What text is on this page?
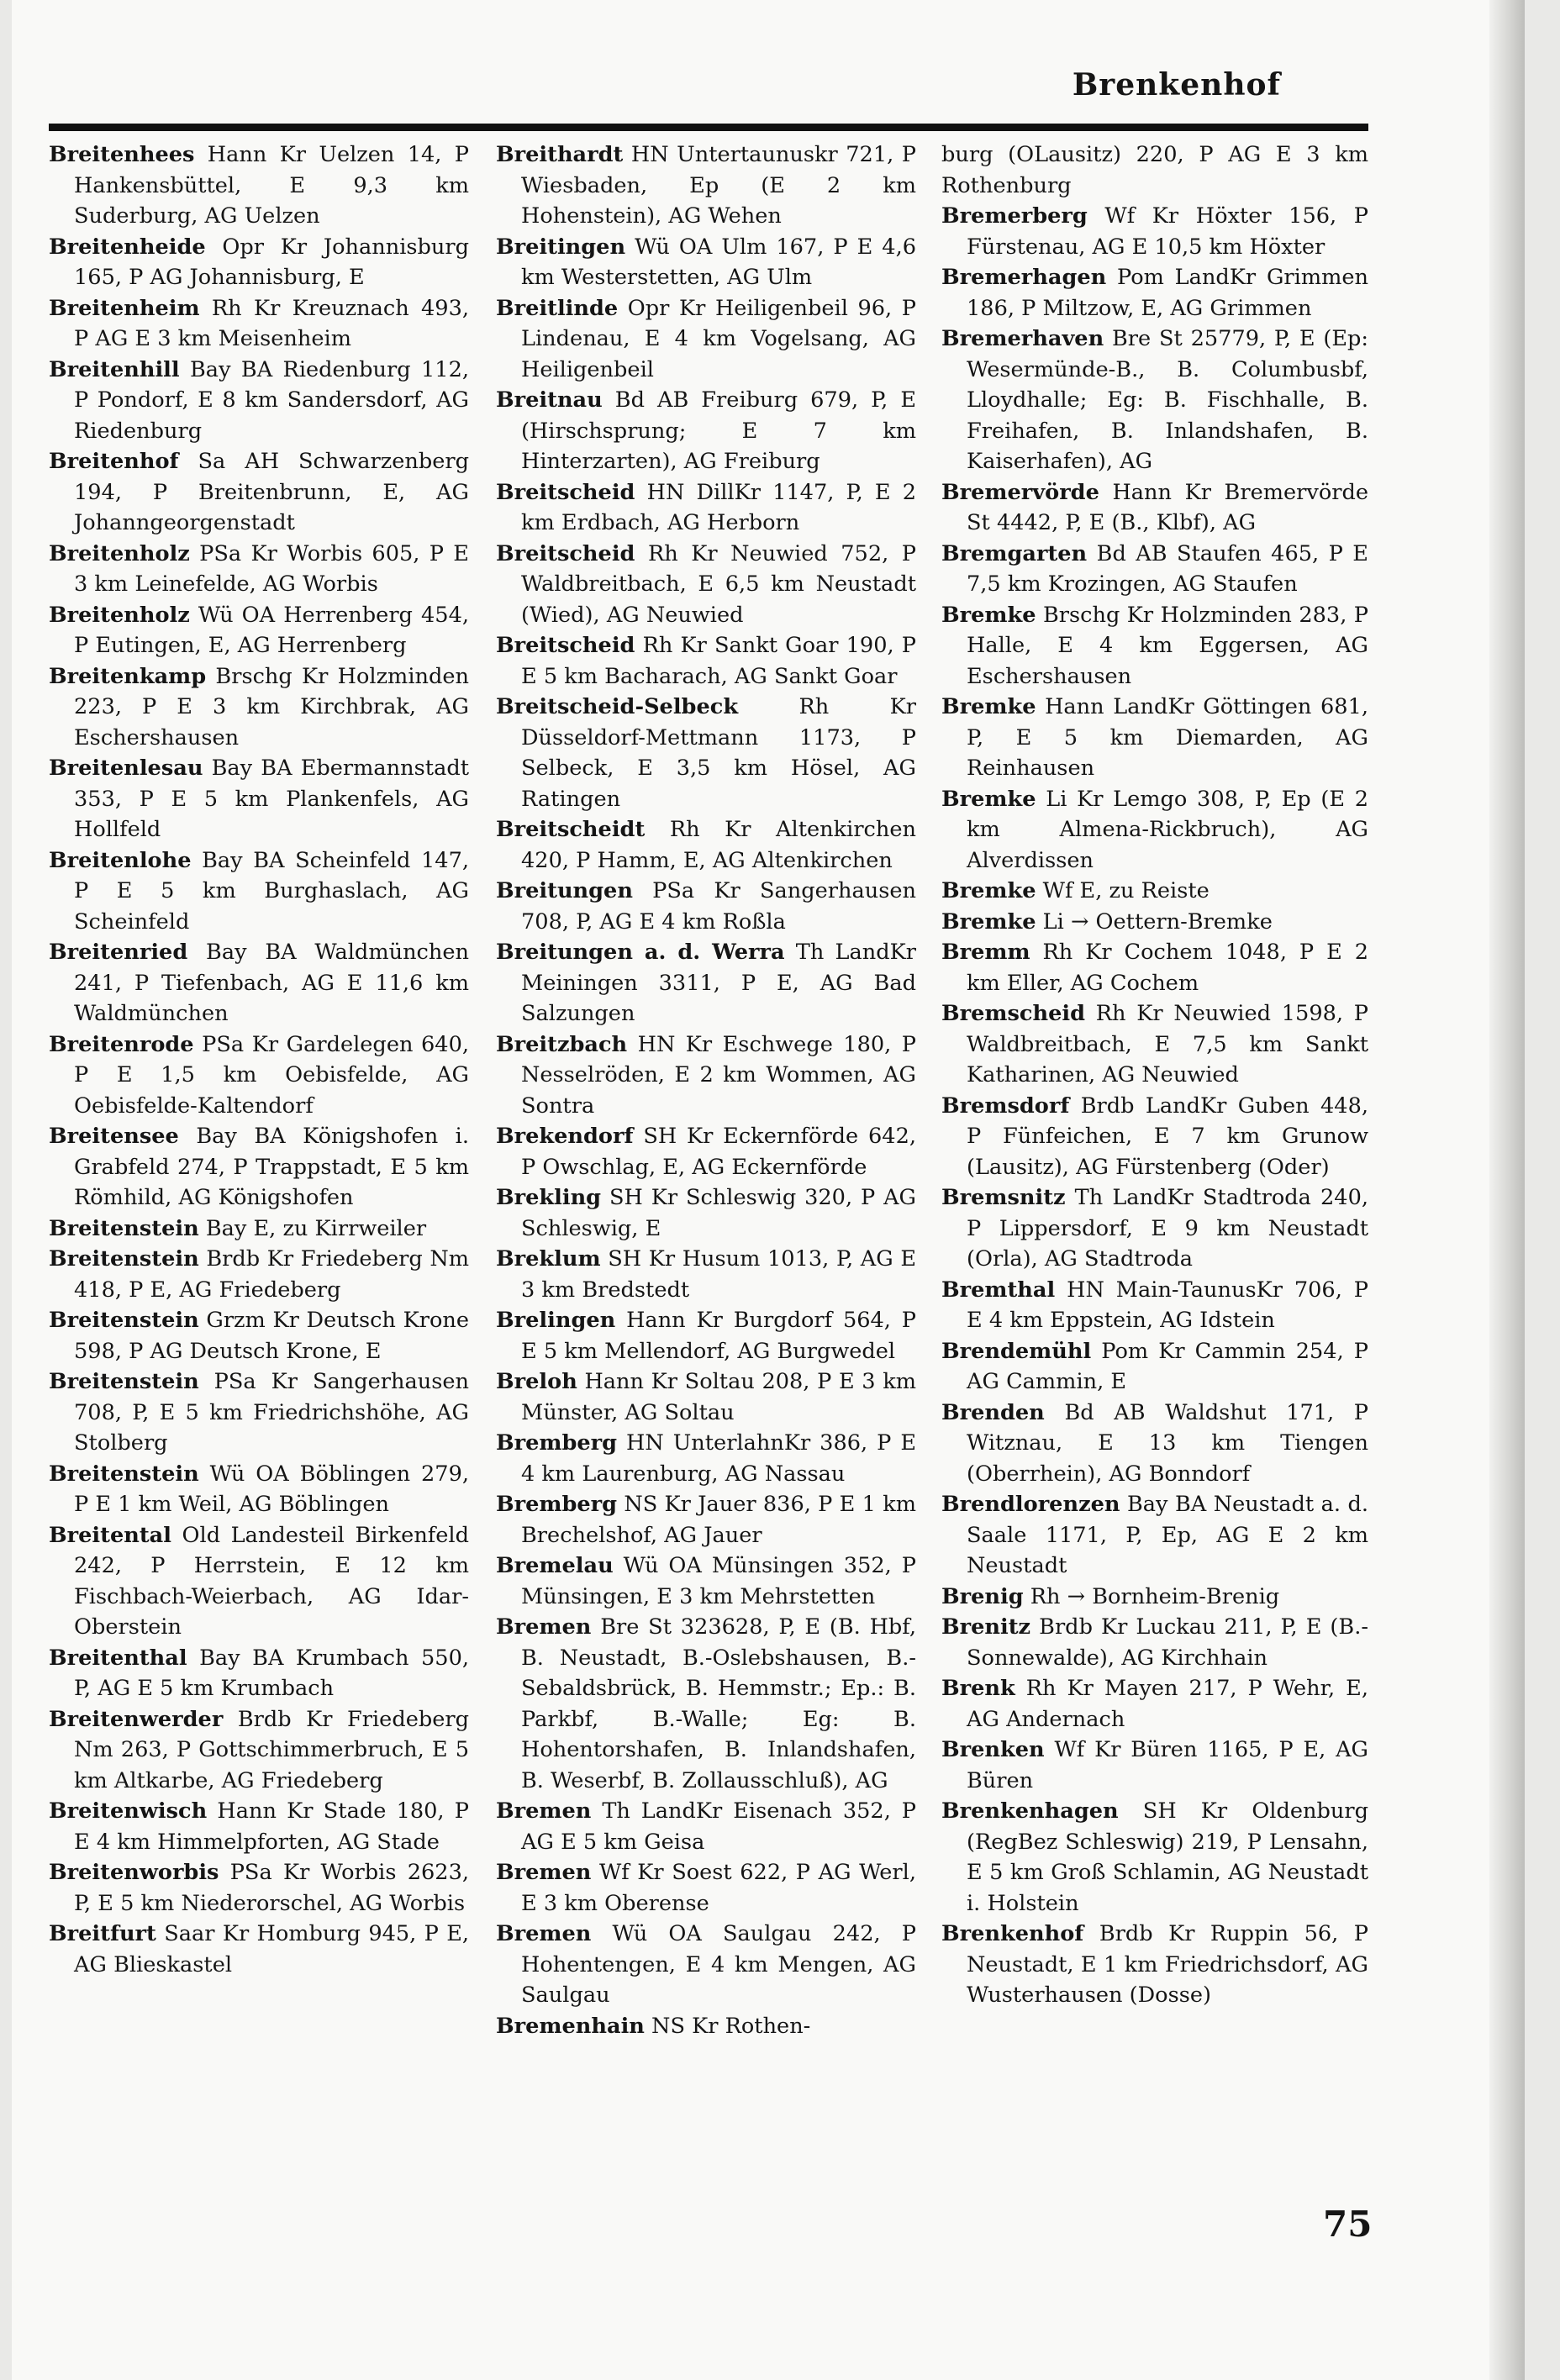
Brenkenhof

Breitenhees Hann Kr Uelzen 14, P Hankensbüttel, E 9,3 km Suderburg, AG Uelzen

Breitenheide Opr Kr Johannisburg 165, P AG Johannisburg, E

Breitenheim Rh Kr Kreuznach 493, P AG E 3 km Meisenheim

Breitenhill Bay BA Riedenburg 112, P Pondorf, E 8 km Sandersdorf, AG Riedenburg

Breitenhof Sa AH Schwarzenberg 194, P Breitenbrunn, E, AG Johanngeorgenstadt

Breitenholz PSa Kr Worbis 605, P E 3 km Leinefelde, AG Worbis

Breitenholz Wü OA Herrenberg 454, P Eutingen, E, AG Herrenberg

Breitenkamp Brschg Kr Holzminden 223, P E 3 km Kirchbrak, AG Eschershausen

Breitenlesau Bay BA Ebermannstadt 353, P E 5 km Plankenfels, AG Hollfeld

Breitenlohe Bay BA Scheinfeld 147, P E 5 km Burghaslach, AG Scheinfeld

Breitenried Bay BA Waldmünchen 241, P Tiefenbach, AG E 11,6 km Waldmünchen

Breitenrode PSa Kr Gardelegen 640, P E 1,5 km Oebisfelde, AG Oebisfelde-Kaltendorf

Breitensee Bay BA Königshofen i. Grabfeld 274, P Trappstadt, E 5 km Römhild, AG Königshofen

Breitenstein Bay E, zu Kirrweiler

Breitenstein Brdb Kr Friedeberg Nm 418, P E, AG Friedeberg

Breitenstein Grzm Kr Deutsch Krone 598, P AG Deutsch Krone, E

Breitenstein PSa Kr Sangerhausen 708, P, E 5 km Friedrichshöhe, AG Stolberg

Breitenstein Wü OA Böblingen 279, P E 1 km Weil, AG Böblingen

Breitental Old Landesteil Birkenfeld 242, P Herrstein, E 12 km Fischbach-Weierbach, AG Idar-Oberstein

Breitenthal Bay BA Krumbach 550, P, AG E 5 km Krumbach

Breitenwerder Brdb Kr Friedeberg Nm 263, P Gottschimmerbruch, E 5 km Altkarbe, AG Friedeberg

Breitenwisch Hann Kr Stade 180, P E 4 km Himmelpforten, AG Stade

Breitenworbis PSa Kr Worbis 2623, P, E 5 km Niederorschel, AG Worbis

Breitfurt Saar Kr Homburg 945, P E, AG Blieskastel

Breithardt HN Untertaunuskr 721, P Wiesbaden, Ep (E 2 km Hohenstein), AG Wehen

Breitingen Wü OA Ulm 167, P E 4,6 km Westerstetten, AG Ulm

Breitlinde Opr Kr Heiligenbeil 96, P Lindenau, E 4 km Vogelsang, AG Heiligenbeil

Breitnau Bd AB Freiburg 679, P, E (Hirschsprung; E 7 km Hinterzarten), AG Freiburg

Breitscheid HN DillKr 1147, P, E 2 km Erdbach, AG Herborn

Breitscheid Rh Kr Neuwied 752, P Waldbreitbach, E 6,5 km Neustadt (Wied), AG Neuwied

Breitscheid Rh Kr Sankt Goar 190, P E 5 km Bacharach, AG Sankt Goar

Breitscheid-Selbeck	Rh Kr Düsseldorf-Mettmann 1173, P Selbeck, E 3,5 km Hösel, AG Ratingen

Breitscheidt Rh Kr Altenkirchen 420, P Hamm, E, AG Altenkirchen

Breitungen PSa Kr Sangerhausen 708, P, AG E 4 km Roßla

Breitungen a. d. Werra Th LandKr Meiningen 3311, P E, AG Bad Salzungen

Breitzbach HN Kr Eschwege 180, P Nesselröden, E 2 km Wommen, AG Sontra

Brekendorf SH Kr Eckernförde 642, P Owschlag, E, AG Eckernförde

Brekling SH Kr Schleswig 320, P AG Schleswig, E

Breklum SH Kr Husum 1013, P, AG E 3 km Bredstedt

Brelingen Hann Kr Burgdorf 564, P E 5 km Mellendorf, AG Burgwedel

Breloh Hann Kr Soltau 208, P E 3 km Münster, AG Soltau

Bremberg HN UnterlahnKr 386, P E 4 km Laurenburg, AG Nassau

Bremberg NS Kr Jauer 836, P E 1 km Brechelshof, AG Jauer

Bremelau Wü OA Münsingen 352, P Münsingen, E 3 km Mehrstetten

Bremen Bre St 323628, P, E (B. Hbf, B. Neustadt, B.-Oslebshausen, B.-Sebaldsbrück, B. Hemmstr.; Ep.: B. Parkbf, B.-Walle; Eg: B. Hohentorshafen, B. Inlandshafen, B. Weserbf, B. Zollausschluß), AG

Bremen Th LandKr Eisenach 352, P AG E 5 km Geisa

Bremen Wf Kr Soest 622, P AG Werl, E 3 km Oberense

Bremen Wü OA Saulgau 242, P Hohentengen, E 4 km Mengen, AG Saulgau

Bremenhain NS Kr Rothen-

burg (OLausitz) 220, P AG E 3 km Rothenburg

Bremerberg Wf Kr Höxter 156, P Fürstenau, AG E 10,5 km Höxter

Bremerhagen Pom LandKr Grimmen 186, P Miltzow, E, AG Grimmen

Bremerhaven Bre St 25779, P, E (Ep: Wesermünde-B., B. Columbusbf, Lloydhalle; Eg: B. Fischhalle, B. Freihafen, B. Inlandshafen, B. Kaiserhafen), AG

Bremervörde Hann Kr Bremervörde St 4442, P, E (B., Klbf), AG

Bremgarten Bd AB Staufen 465, P E 7,5 km Krozingen, AG Staufen

Bremke Brschg Kr Holzminden 283, P Halle, E 4 km Eggersen, AG Eschershausen

Bremke Hann LandKr Göttingen 681, P, E 5 km Diemarden, AG Reinhausen

Bremke Li Kr Lemgo 308, P, Ep (E 2 km Almena-Rickbruch), AG Alverdissen

Bremke Wf E, zu Reiste

Bremke Li → Oettern-Bremke

Bremm Rh Kr Cochem 1048, P E 2 km Eller, AG Cochem

Bremscheid Rh Kr Neuwied 1598, P Waldbreitbach, E 7,5 km Sankt Katharinen, AG Neuwied

Bremsdorf Brdb LandKr Guben 448, P Fünfeichen, E 7 km Grunow (Lausitz), AG Fürstenberg (Oder)

Bremsnitz Th LandKr Stadtroda 240, P Lippersdorf, E 9 km Neustadt (Orla), AG Stadtroda

Bremthal HN Main-TaunusKr 706, P E 4 km Eppstein, AG Idstein

Brendemühl Pom Kr Cammin 254, P AG Cammin, E

Brenden Bd AB Waldshut 171, P Witznau, E 13 km Tiengen (Oberrhein), AG Bonndorf

Brendlorenzen Bay BA Neustadt a. d. Saale 1171, P, Ep, AG E 2 km Neustadt

Brenig Rh → Bornheim-Brenig

Brenitz Brdb Kr Luckau 211, P, E (B.-Sonnewalde), AG Kirchhain

Brenk Rh Kr Mayen 217, P Wehr, E, AG Andernach

Brenken Wf Kr Büren 1165, P E, AG Büren

Brenkenhagen SH Kr Oldenburg (RegBez Schleswig) 219, P Lensahn, E 5 km Groß Schlamin, AG Neustadt i. Holstein

Brenkenhof Brdb Kr Ruppin 56, P Neustadt, E 1 km Friedrichsdorf, AG Wusterhausen (Dosse)

75
